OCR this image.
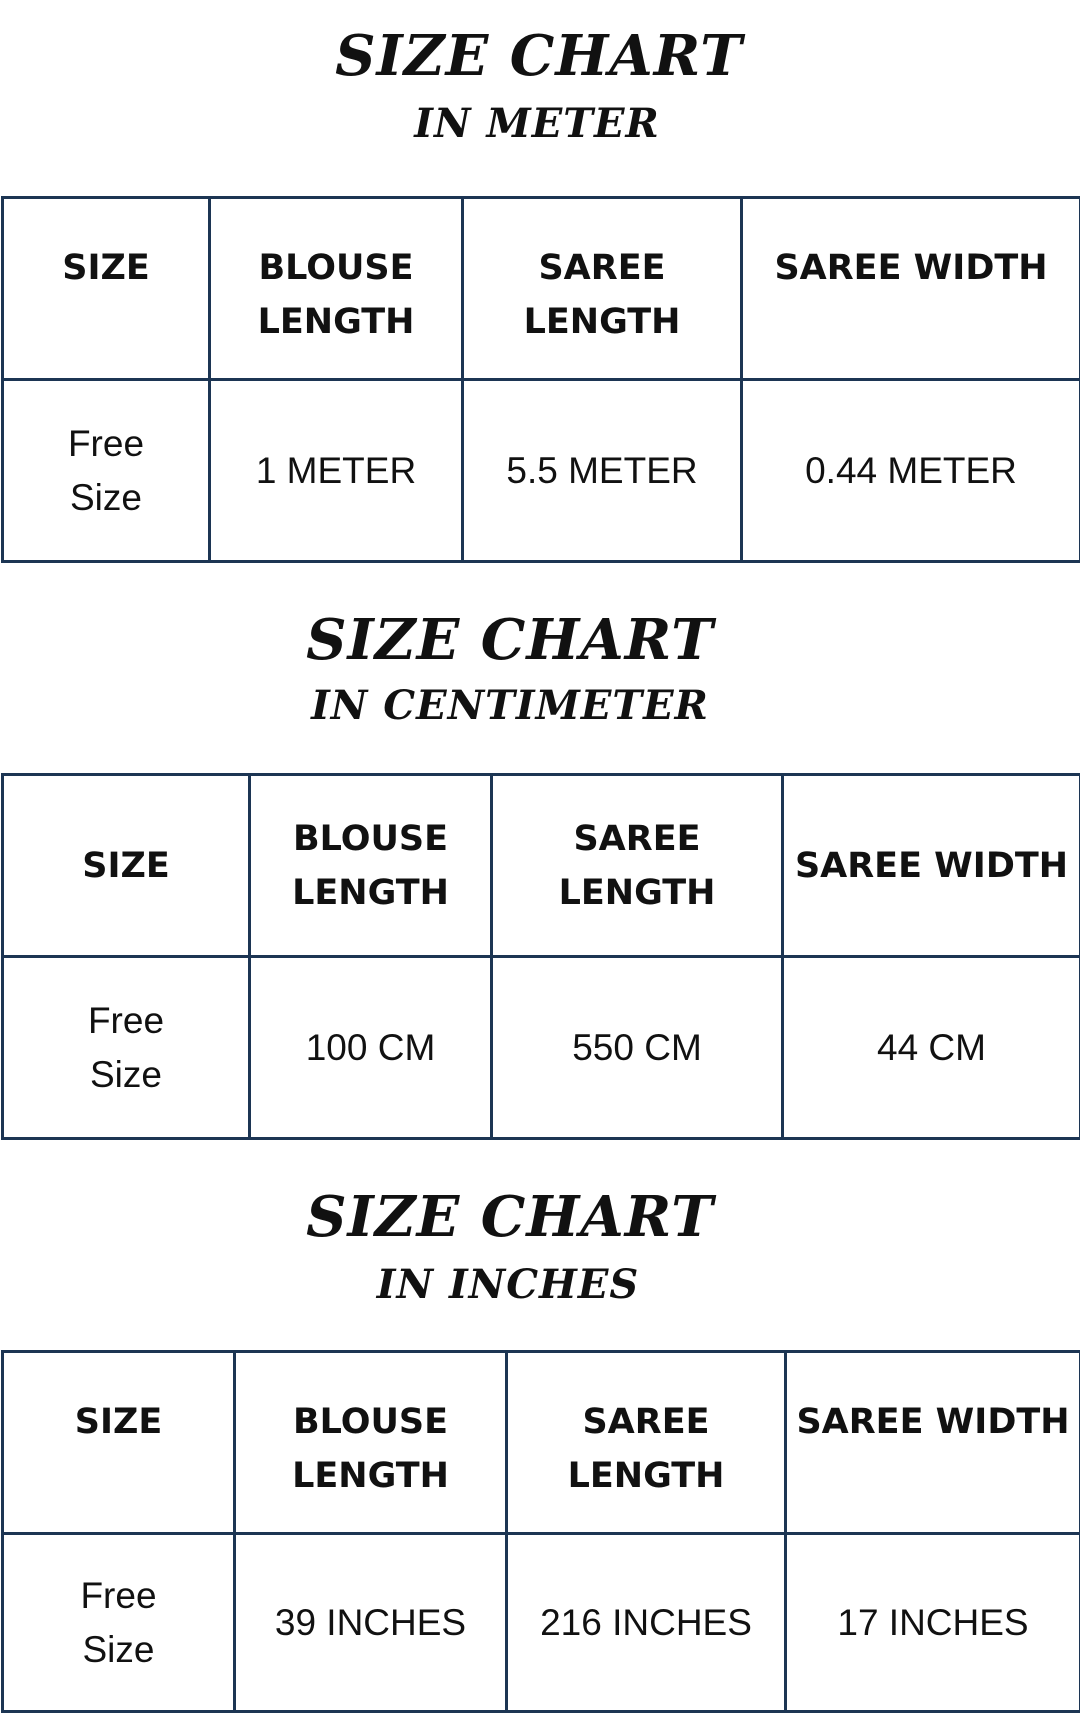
SIZE CHART
IN METER
SIZE	BLOUSE LENGTH	SAREE LENGTH	SAREE WIDTH
Free Size	1 METER	5.5 METER	0.44 METER
SIZE CHART
IN CENTIMETER
SIZE	BLOUSE LENGTH	SAREE LENGTH	SAREE WIDTH
Free Size	100 CM	550 CM	44 CM
SIZE CHART
IN INCHES
SIZE	BLOUSE LENGTH	SAREE LENGTH	SAREE WIDTH
Free Size	39 INCHES	216 INCHES	17 INCHES
